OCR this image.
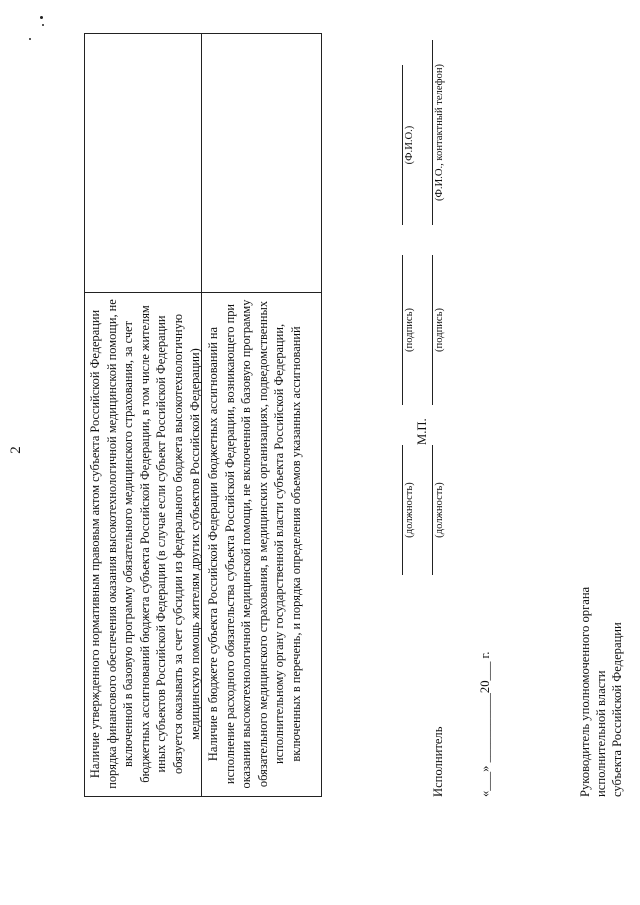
2	Наличие утвержденного нормативным правовым актом субъекта Российской Федерации порядка финансового обеспечения оказания высокотехнологичной медицинской помощи, не включенной в базовую программу обязательного медицинского страхования, за счет бюджетных ассигнований бюджета субъекта Российской Федерации, в том числе жителям иных субъектов Российской Федерации (в случае если субъект Российской Федерации обязуется оказывать за счет субсидии из федерального бюджета высокотехнологичную медицинскую помощь жителям других субъектов Российской Федерации) Наличие в бюджете субъекта Российской Федерации бюджетных ассигнований на исполнение расходного обязательства субъекта Российской Федерации, возникающего при оказании высокотехнологичной медицинской помощи, не включенной в базовую программу обязательного медицинского страхования, в медицинских организациях, подведомственных исполнительному органу государственной власти субъекта Российской Федерации, включенных в перечень, и порядка определения объемов указанных ассигнований	Руководитель уполномоченного органа исполнительной власти субъекта Российской Федерации
(должность)
М.П.
(подпись)
(Ф.И.О.)
Исполнитель
(должность)
(подпись)
(Ф.И.О., контактный телефон)
«___» ___________20___ г.
